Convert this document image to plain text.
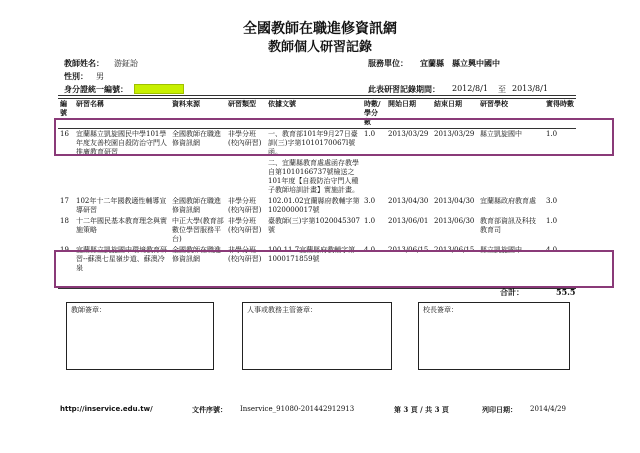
全國教師在職進修資訊網
教師個人研習記錄
教師姓名： 游鉦詒
性別： 男
身分證統一編號：
服務單位： 宜蘭縣　縣立興中國中
此表研習記錄期間： 2012/8/1 至 2013/8/1
編號	研習名稱	資料來源	研習類型	依據文號	時數/學分數	開始日期	結束日期	研習學校	實得時數
16	宜蘭縣立凱旋國民中學101學年度友善校園自殺防治守門人推廣教育研習	全國教師在職進修資訊網	非學分班(校內研習)	一、教育部101年9月27日臺訓(三)字第1010170067l號函。	1.0	2013/03/29	2013/03/29	縣立凱旋國中	1.0
				二、宜蘭縣教育處處函存教學自第1010166737號檢送之101年度【自殺防治守門人種子教師培訓計畫】實施計畫。					
17	102年十二年國教適性輔導宣導研習	全國教師在職進修資訊網	非學分班(校內研習)	102.01.02宜蘭縣府教輔字第1020000017號	3.0	2013/04/30	2013/04/30	宜蘭縣政府教育處	3.0
18	十二年國民基本教育理念與實施策略	中正大學(教育部數位學習服務平台)	非學分班(校內研習)	臺教師(三)字第1020045307號	1.0	2013/06/01	2013/06/30	教育部資訊及科技教育司	1.0
19	宜蘭縣立凱旋國中環境教育研習--蘇澳七星嶺步道、蘇澳冷泉	全國教師在職進修資訊網	非學分班(校內研習)	100.11.7宜蘭縣府教輔字第1000171859號	4.0	2013/06/15	2013/06/15	縣立凱旋國中	4.0
合計：	55.5
教師簽章：	人事或教務主管簽章：	校長簽章：
http://inservice.edu.tw/	文件序號： Inservice_91080-201442912913	第 3 頁 / 共 3 頁	列印日期： 2014/4/29
